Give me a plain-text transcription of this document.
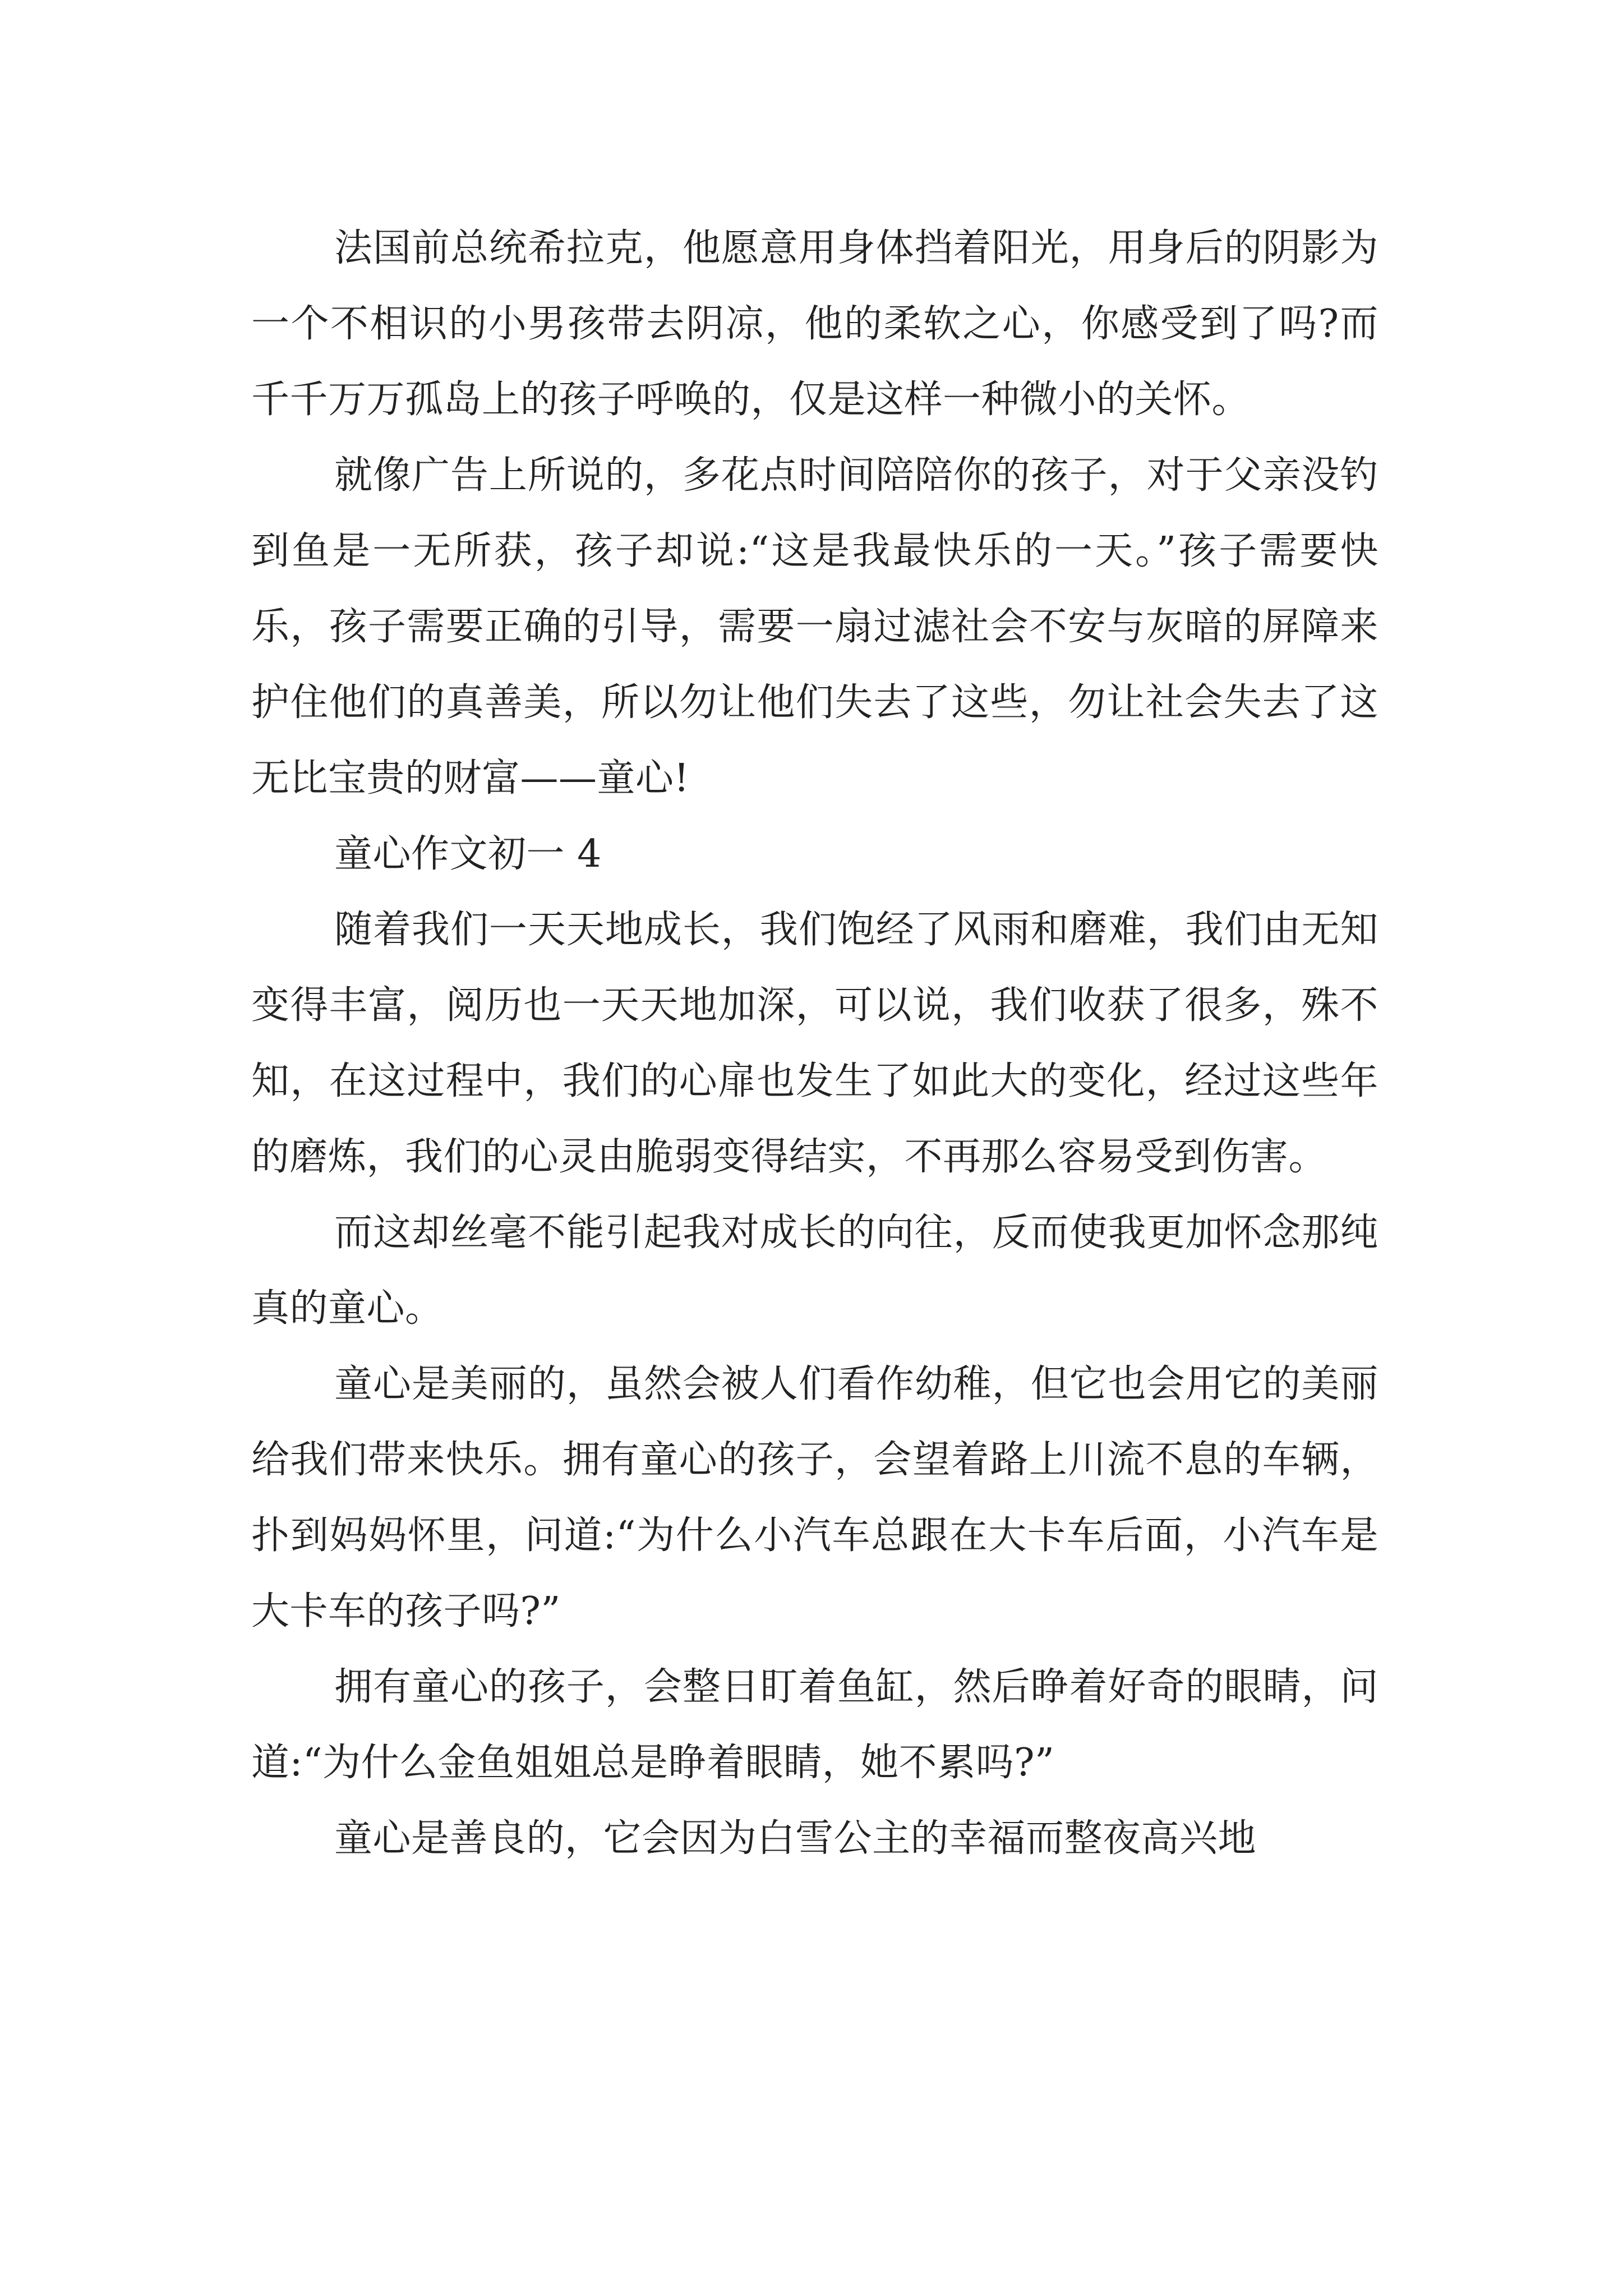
法国前总统希拉克，他愿意用身体挡着阳光，用身后的阴影为一个不相识的小男孩带去阴凉，他的柔软之心，你感受到了吗?而千千万万孤岛上的孩子呼唤的，仅是这样一种微小的关怀。

就像广告上所说的，多花点时间陪陪你的孩子，对于父亲没钓到鱼是一无所获，孩子却说:“这是我最快乐的一天。”孩子需要快乐，孩子需要正确的引导，需要一扇过滤社会不安与灰暗的屏障来护住他们的真善美，所以勿让他们失去了这些，勿让社会失去了这无比宝贵的财富——童心!

童心作文初一 4

随着我们一天天地成长，我们饱经了风雨和磨难，我们由无知变得丰富，阅历也一天天地加深，可以说，我们收获了很多，殊不知，在这过程中，我们的心扉也发生了如此大的变化，经过这些年的磨炼，我们的心灵由脆弱变得结实，不再那么容易受到伤害。

而这却丝毫不能引起我对成长的向往，反而使我更加怀念那纯真的童心。

童心是美丽的，虽然会被人们看作幼稚，但它也会用它的美丽给我们带来快乐。拥有童心的孩子，会望着路上川流不息的车辆，扑到妈妈怀里，问道:“为什么小汽车总跟在大卡车后面，小汽车是大卡车的孩子吗?”

拥有童心的孩子，会整日盯着鱼缸，然后睁着好奇的眼睛，问道:“为什么金鱼姐姐总是睁着眼睛，她不累吗?”

童心是善良的，它会因为白雪公主的幸福而整夜高兴地
